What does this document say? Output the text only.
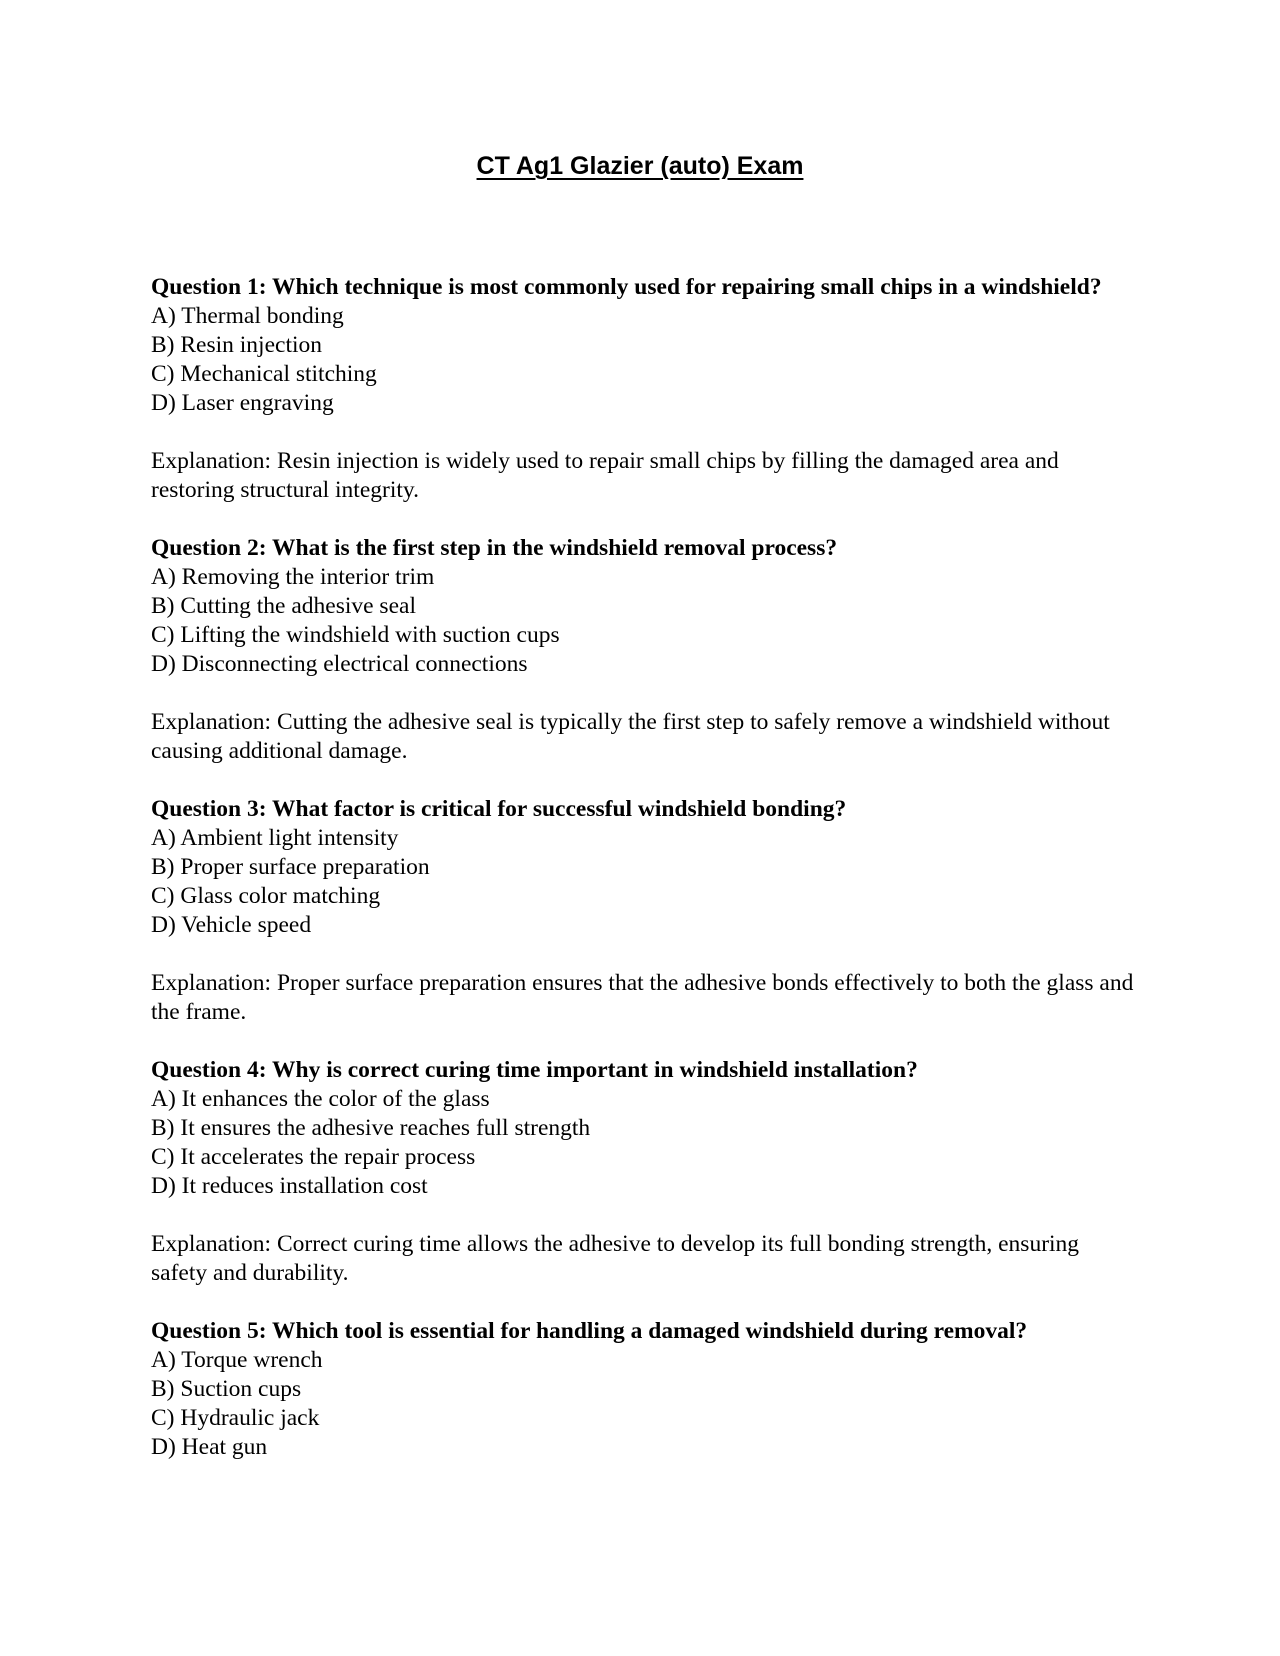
CT Ag1 Glazier (auto) Exam
Question 1: Which technique is most commonly used for repairing small chips in a windshield?
A) Thermal bonding
B) Resin injection
C) Mechanical stitching
D) Laser engraving
Explanation: Resin injection is widely used to repair small chips by filling the damaged area and restoring structural integrity.
Question 2: What is the first step in the windshield removal process?
A) Removing the interior trim
B) Cutting the adhesive seal
C) Lifting the windshield with suction cups
D) Disconnecting electrical connections
Explanation: Cutting the adhesive seal is typically the first step to safely remove a windshield without causing additional damage.
Question 3: What factor is critical for successful windshield bonding?
A) Ambient light intensity
B) Proper surface preparation
C) Glass color matching
D) Vehicle speed
Explanation: Proper surface preparation ensures that the adhesive bonds effectively to both the glass and the frame.
Question 4: Why is correct curing time important in windshield installation?
A) It enhances the color of the glass
B) It ensures the adhesive reaches full strength
C) It accelerates the repair process
D) It reduces installation cost
Explanation: Correct curing time allows the adhesive to develop its full bonding strength, ensuring safety and durability.
Question 5: Which tool is essential for handling a damaged windshield during removal?
A) Torque wrench
B) Suction cups
C) Hydraulic jack
D) Heat gun
